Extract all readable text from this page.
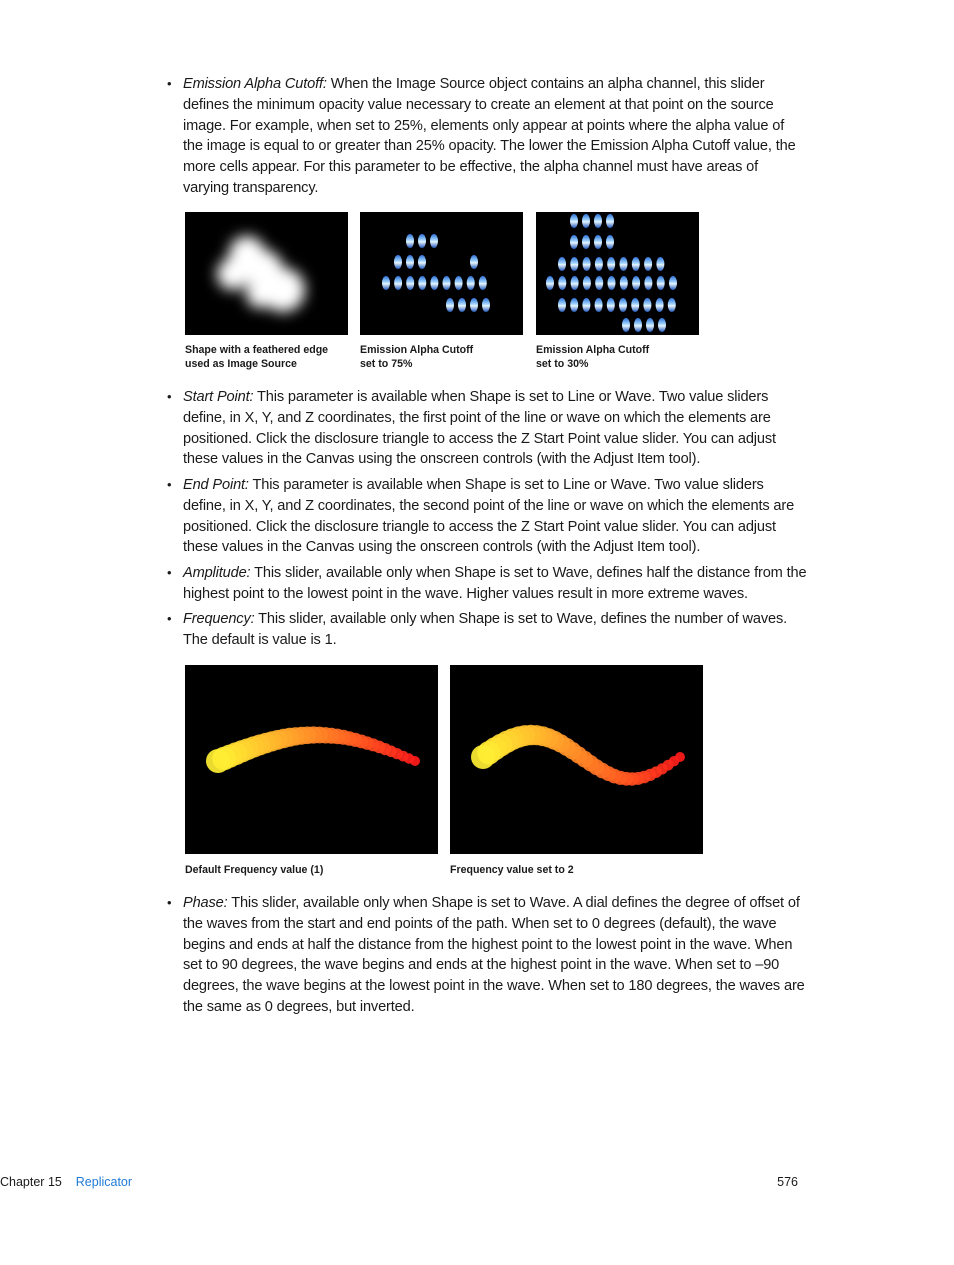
• Emission Alpha Cutoff: When the Image Source object contains an alpha channel, this slider defines the minimum opacity value necessary to create an element at that point on the source image. For example, when set to 25%, elements only appear at points where the alpha value of the image is equal to or greater than 25% opacity. The lower the Emission Alpha Cutoff value, the more cells appear. For this parameter to be effective, the alpha channel must have areas of varying transparency.

Shape with a feathered edge
used as Image Source
Emission Alpha Cutoff
set to 75%
Emission Alpha Cutoff
set to 30%
• Start Point: This parameter is available when Shape is set to Line or Wave. Two value sliders define, in X, Y, and Z coordinates, the first point of the line or wave on which the elements are positioned. Click the disclosure triangle to access the Z Start Point value slider. You can adjust these values in the Canvas using the onscreen controls (with the Adjust Item tool).

• End Point: This parameter is available when Shape is set to Line or Wave. Two value sliders define, in X, Y, and Z coordinates, the second point of the line or wave on which the elements are positioned. Click the disclosure triangle to access the Z Start Point value slider. You can adjust these values in the Canvas using the onscreen controls (with the Adjust Item tool).

• Amplitude: This slider, available only when Shape is set to Wave, defines half the distance from the highest point to the lowest point in the wave. Higher values result in more extreme waves.

• Frequency: This slider, available only when Shape is set to Wave, defines the number of waves. The default is value is 1.

Default Frequency value (1)	Frequency value set to 2
• Phase: This slider, available only when Shape is set to Wave. A dial defines the degree of offset of the waves from the start and end points of the path. When set to 0 degrees (default), the wave begins and ends at half the distance from the highest point to the lowest point in the wave. When set to 90 degrees, the wave begins and ends at the highest point in the wave. When set to –90 degrees, the wave begins at the lowest point in the wave. When set to 180 degrees, the waves are the same as 0 degrees, but inverted.

Chapter 15 Replicator	576
